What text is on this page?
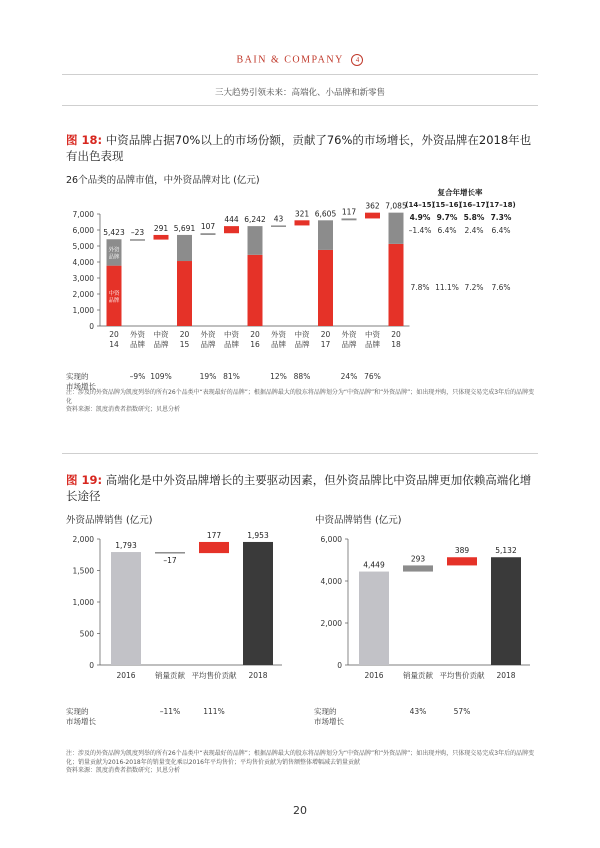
BAIN & COMPANY 4
三大趋势引领未来：高端化、小品牌和新零售
图 18: 中资品牌占据70%以上的市场份额，贡献了76%的市场增长，外资品牌在2018年也有出色表现
26个品类的品牌市值，中外资品牌对比 (亿元)
0
1,000
2,000
3,000
4,000
5,000
6,000
7,000
外资
品牌
中资
品牌
5,423
20
14
–23
外资
品牌
–9%
291
中资
品牌
109%
5,691
20
15
107
外资
品牌
19%
444
中资
品牌
81%
6,242
20
16
43
外资
品牌
12%
321
中资
品牌
88%
6,605
20
17
117
外资
品牌
24%
362
中资
品牌
76%
7,085
20
18
实现的
市场增长
复合年增长率
(14–15)
(15–16)
(16–17)
(17–18)
4.9% 9.7% 5.8% 7.3%
–1.4% 6.4% 2.4% 6.4%
7.8% 11.1% 7.2% 7.6%
注：涉及的外资品牌为凯度列举的所有26个品类中“表现最好的品牌”；根据品牌最大的股东将品牌划分为“中资品牌”和“外资品牌”；如出现并购，只体现交易完成3年后的品牌变化
资料来源：凯度消费者指数研究；贝恩分析
图 19: 高端化是中外资品牌增长的主要驱动因素，但外资品牌比中资品牌更加依赖高端化增长途径
外资品牌销售 (亿元)	中资品牌销售 (亿元)
0
500
1,000
1,500
2,000
1,793
2016
–17
销量贡献
–11%
177
平均售价贡献
111%
1,953
2018
实现的
市场增长
0
2,000
4,000
6,000
4,449
2016
293
销量贡献
43%
389
平均售价贡献
57%
5,132
2018
实现的
市场增长
注：涉及的外资品牌为凯度列举的所有26个品类中“表现最好的品牌”；根据品牌最大的股东将品牌划分为“中资品牌”和“外资品牌”；如出现并购，只体现交易完成3年后的品牌变化；销量贡献为2016-2018年的销量变化乘以2016年平均售价；平均售价贡献为销售额整体增幅减去销量贡献
资料来源：凯度消费者指数研究；贝恩分析
20
